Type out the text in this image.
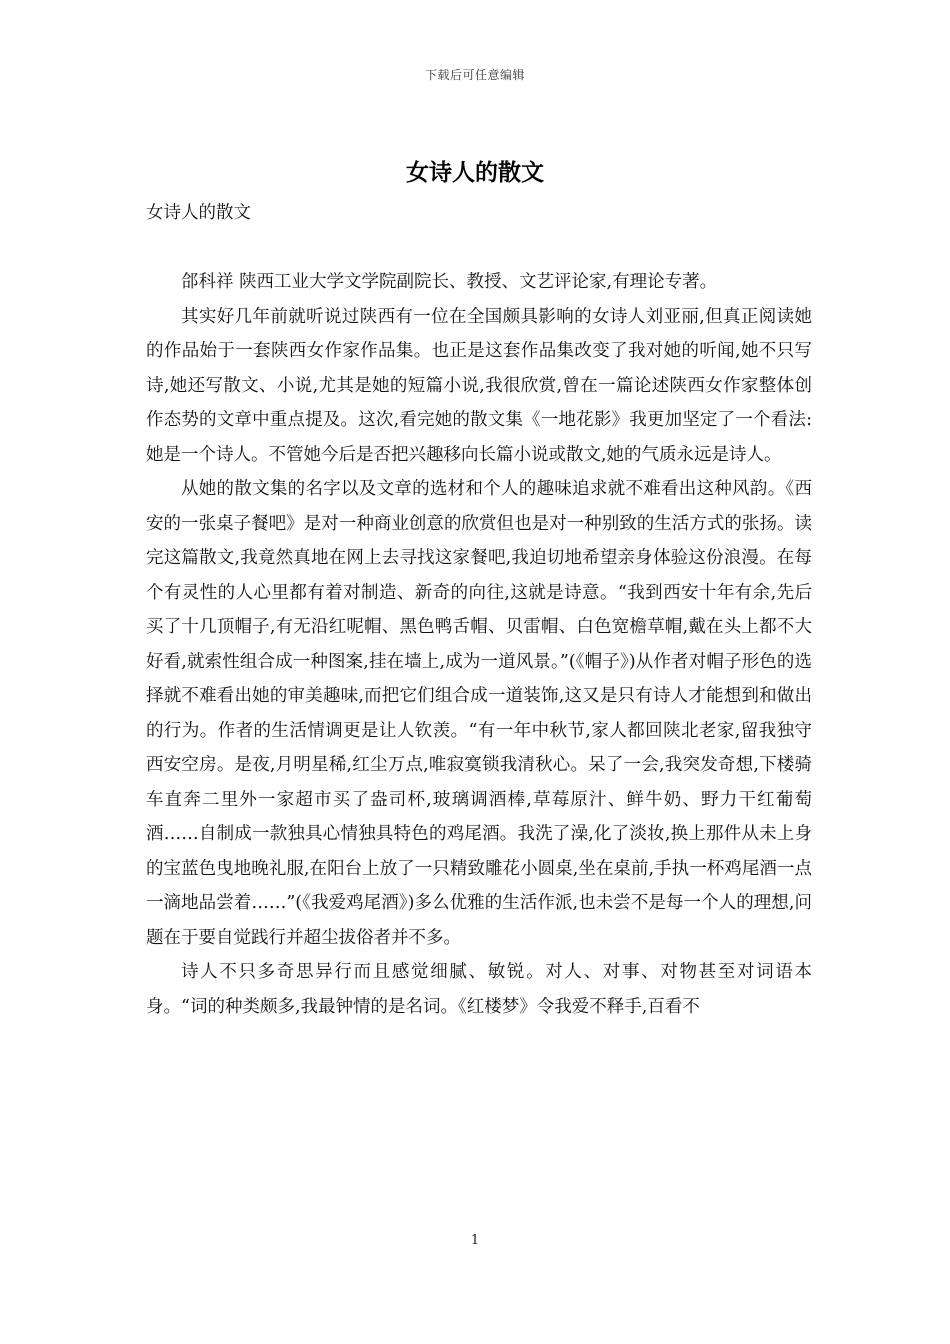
下载后可任意编辑
女诗人的散文

女诗人的散文

郃科祥 陕西工业大学文学院副院长、教授、文艺评论家,有理论专著。

其实好几年前就听说过陕西有一位在全国颇具影响的女诗人刘亚丽,但真正阅读她的作品始于一套陕西女作家作品集。也正是这套作品集改变了我对她的听闻,她不只写诗,她还写散文、小说,尤其是她的短篇小说,我很欣赏,曾在一篇论述陕西女作家整体创作态势的文章中重点提及。这次,看完她的散文集《一地花影》我更加坚定了一个看法:她是一个诗人。不管她今后是否把兴趣移向长篇小说或散文,她的气质永远是诗人。

从她的散文集的名字以及文章的选材和个人的趣味追求就不难看出这种风韵。《西安的一张桌子餐吧》是对一种商业创意的欣赏但也是对一种别致的生活方式的张扬。读完这篇散文,我竟然真地在网上去寻找这家餐吧,我迫切地希望亲身体验这份浪漫。在每个有灵性的人心里都有着对制造、新奇的向往,这就是诗意。“我到西安十年有余,先后买了十几顶帽子,有无沿红呢帽、黑色鸭舌帽、贝雷帽、白色宽檐草帽,戴在头上都不大好看,就索性组合成一种图案,挂在墙上,成为一道风景。”(《帽子》)从作者对帽子形色的选择就不难看出她的审美趣味,而把它们组合成一道装饰,这又是只有诗人才能想到和做出的行为。作者的生活情调更是让人钦羡。“有一年中秋节,家人都回陕北老家,留我独守西安空房。是夜,月明星稀,红尘万点,唯寂寞锁我清秋心。呆了一会,我突发奇想,下楼骑车直奔二里外一家超市买了盎司杯,玻璃调酒棒,草莓原汁、鲜牛奶、野力干红葡萄酒……自制成一款独具心情独具特色的鸡尾酒。我洗了澡,化了淡妆,换上那件从未上身的宝蓝色曳地晚礼服,在阳台上放了一只精致雕花小圆桌,坐在桌前,手执一杯鸡尾酒一点一滴地品尝着……”(《我爱鸡尾酒》)多么优雅的生活作派,也未尝不是每一个人的理想,问题在于要自觉践行并超尘拔俗者并不多。

诗人不只多奇思异行而且感觉细腻、敏锐。对人、对事、对物甚至对词语本身。“词的种类颇多,我最钟情的是名词。《红楼梦》令我爱不释手,百看不

1
